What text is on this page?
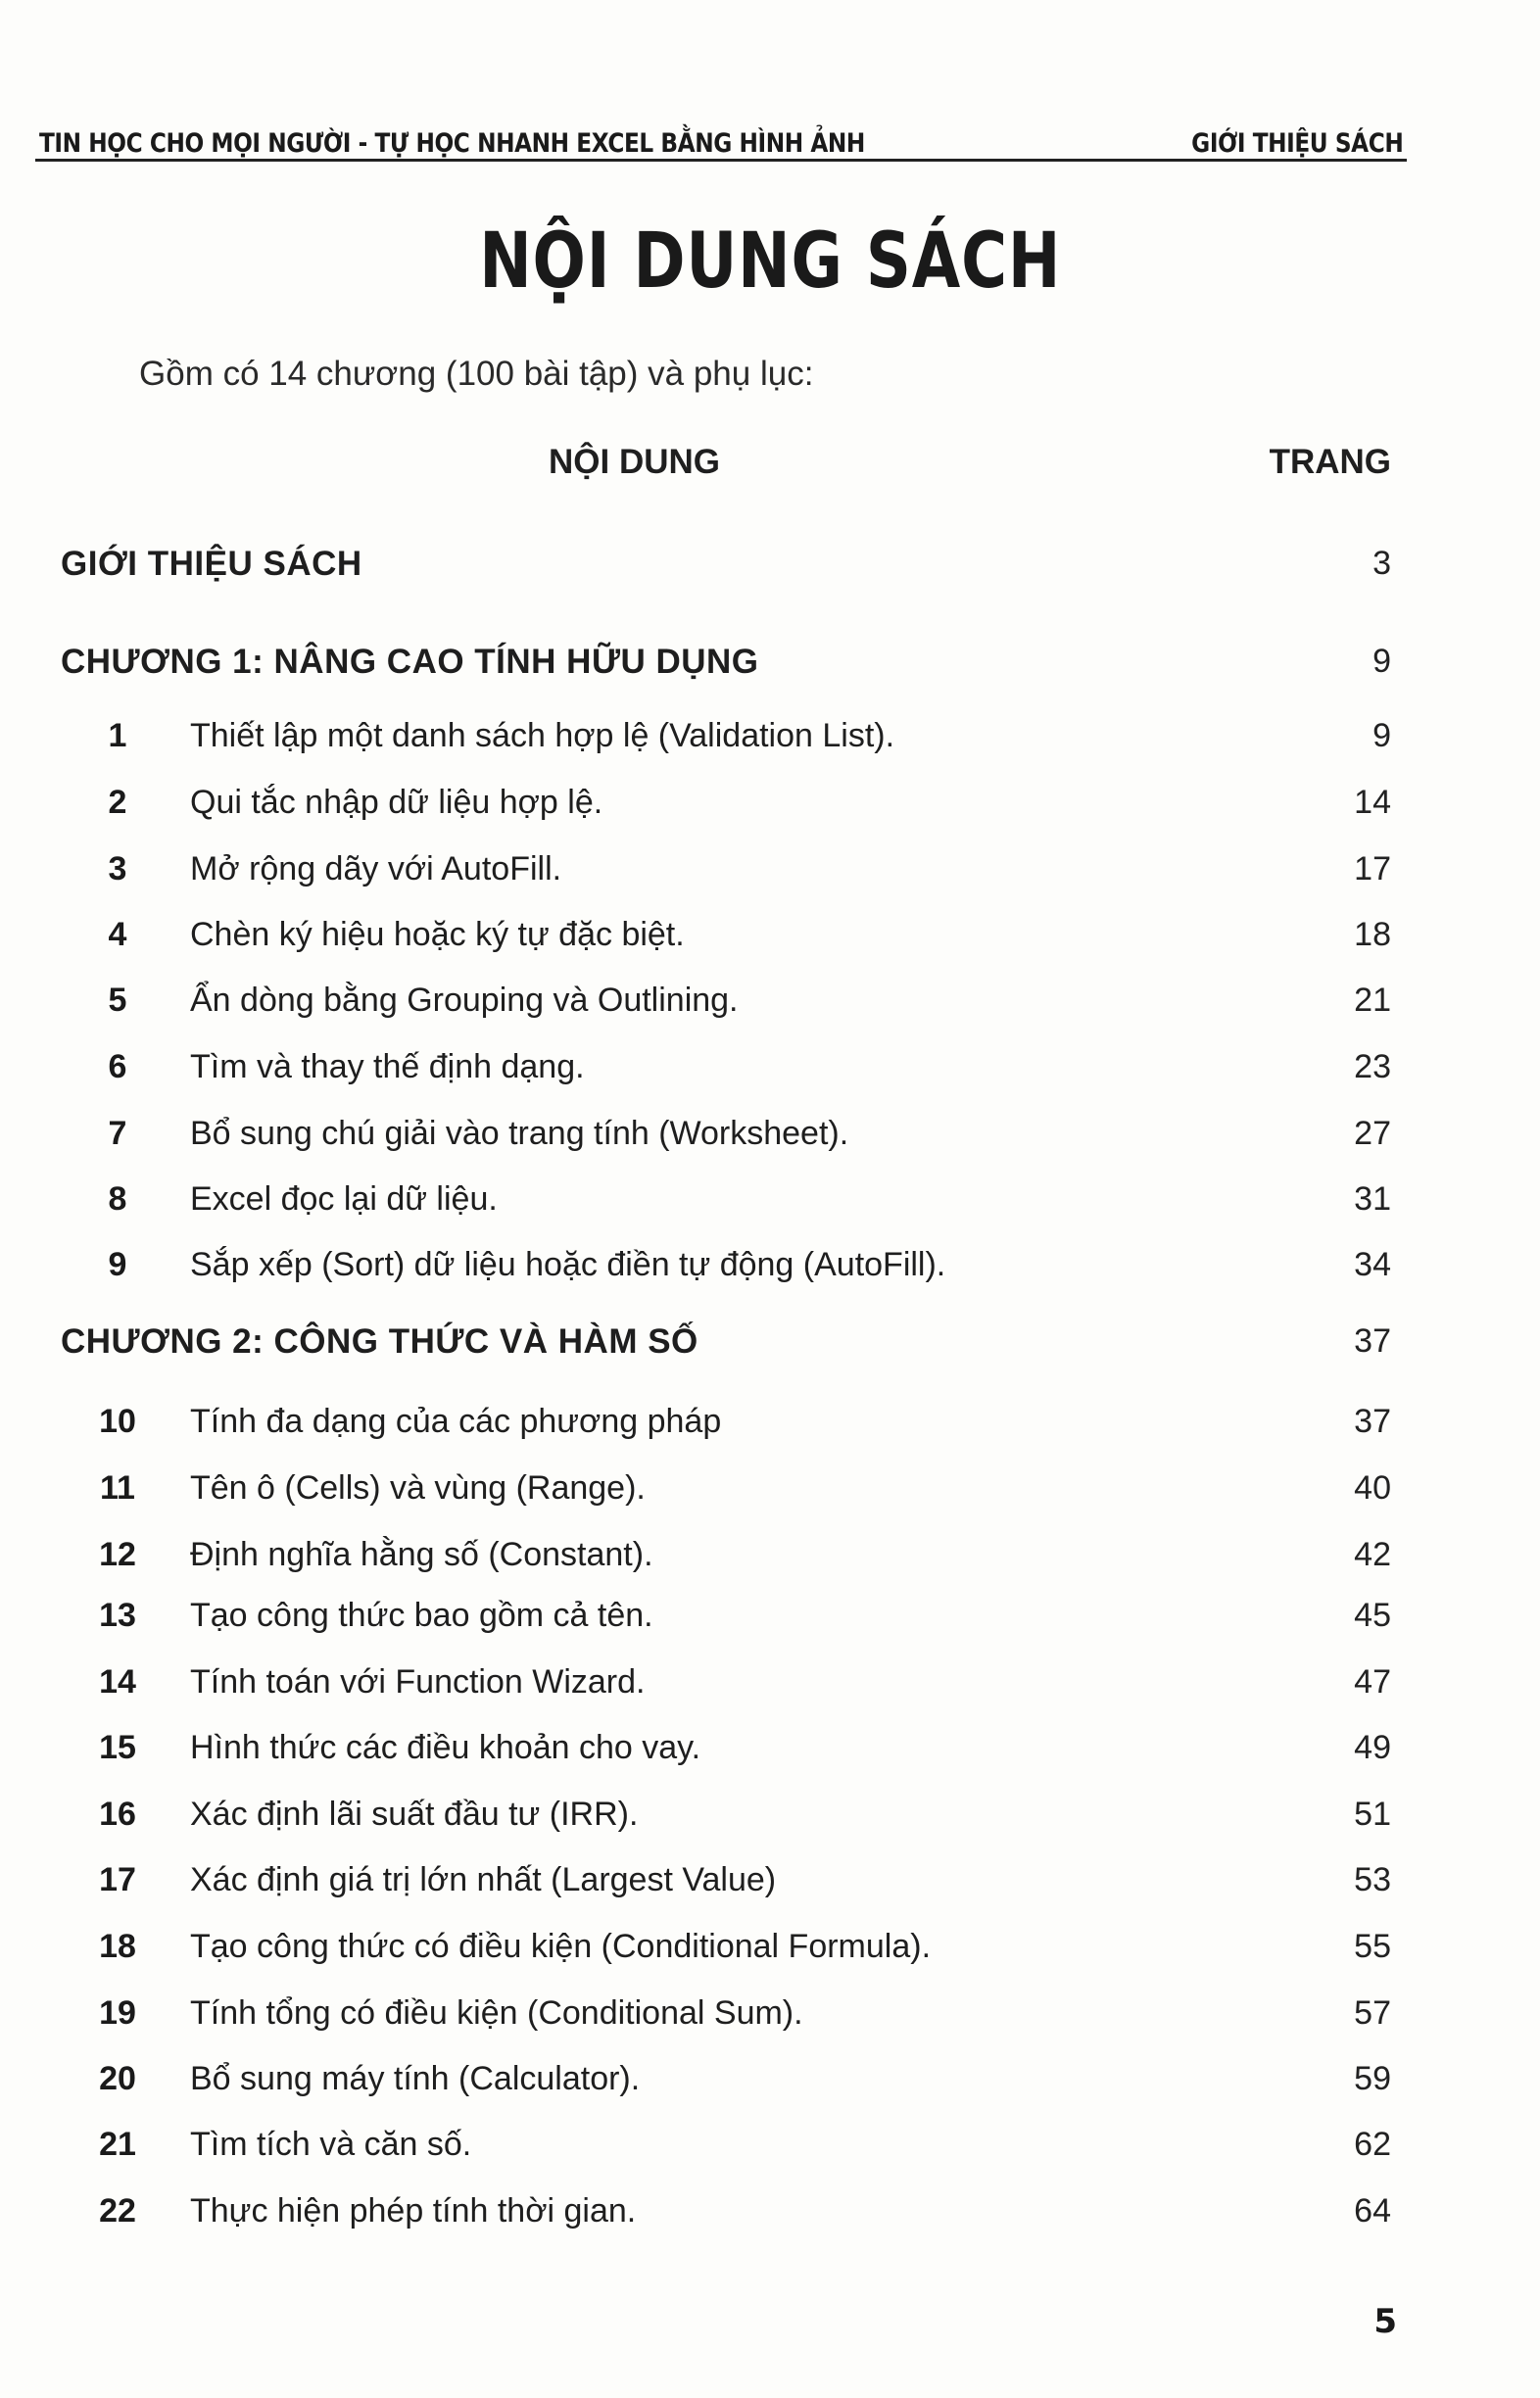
TIN HỌC CHO MỌI NGƯỜI - TỰ HỌC NHANH EXCEL BẰNG HÌNH ẢNH	GIỚI THIỆU SÁCH
NỘI DUNG SÁCH
Gồm có 14 chương (100 bài tập) và phụ lục:
NỘI DUNG	TRANG
GIỚI THIỆU SÁCH	3
CHƯƠNG 1: NÂNG CAO TÍNH HỮU DỤNG	9
1	Thiết lập một danh sách hợp lệ (Validation List).	9
2	Qui tắc nhập dữ liệu hợp lệ.	14
3	Mở rộng dãy với AutoFill.	17
4	Chèn ký hiệu hoặc ký tự đặc biệt.	18
5	Ẩn dòng bằng Grouping và Outlining.	21
6	Tìm và thay thế định dạng.	23
7	Bổ sung chú giải vào trang tính (Worksheet).	27
8	Excel đọc lại dữ liệu.	31
9	Sắp xếp (Sort) dữ liệu hoặc điền tự động (AutoFill).	34
CHƯƠNG 2: CÔNG THỨC VÀ HÀM SỐ	37
10	Tính đa dạng của các phương pháp	37
11	Tên ô (Cells) và vùng (Range).	40
12	Định nghĩa hằng số (Constant).	42
13	Tạo công thức bao gồm cả tên.	45
14	Tính toán với Function Wizard.	47
15	Hình thức các điều khoản cho vay.	49
16	Xác định lãi suất đầu tư (IRR).	51
17	Xác định giá trị lớn nhất (Largest Value)	53
18	Tạo công thức có điều kiện (Conditional Formula).	55
19	Tính tổng có điều kiện (Conditional Sum).	57
20	Bổ sung máy tính (Calculator).	59
21	Tìm tích và căn số.	62
22	Thực hiện phép tính thời gian.	64
5
